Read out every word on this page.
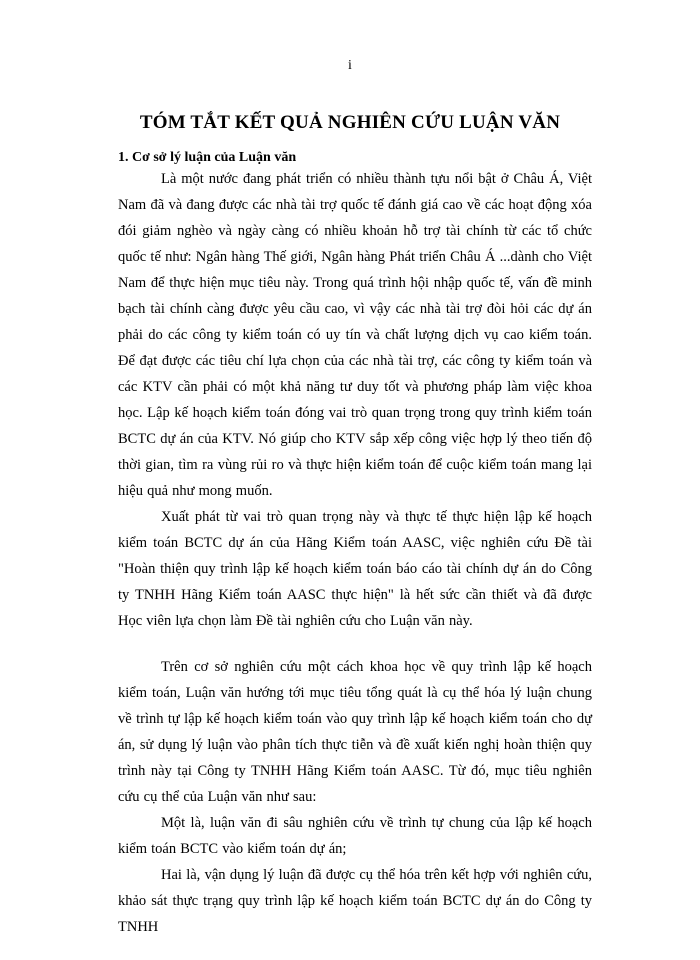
i
TÓM TẮT KẾT QUẢ NGHIÊN CỨU LUẬN VĂN
1. Cơ sở lý luận của Luận văn

Là một nước đang phát triển có nhiều thành tựu nổi bật ở Châu Á, Việt Nam đã và đang được các nhà tài trợ quốc tế đánh giá cao về các hoạt động xóa đói giảm nghèo và ngày càng có nhiều khoản hỗ trợ tài chính từ các tổ chức quốc tế như: Ngân hàng Thế giới, Ngân hàng Phát triển Châu Á ...dành cho Việt Nam để thực hiện mục tiêu này. Trong quá trình hội nhập quốc tế, vấn đề minh bạch tài chính càng được yêu cầu cao, vì vậy các nhà tài trợ đòi hỏi các dự án phải do các công ty kiểm toán có uy tín và chất lượng dịch vụ cao kiểm toán. Để đạt được các tiêu chí lựa chọn của các nhà tài trợ, các công ty kiểm toán và các KTV cần phải có một khả năng tư duy tốt và phương pháp làm việc khoa học. Lập kế hoạch kiểm toán đóng vai trò quan trọng trong quy trình kiểm toán BCTC dự án của KTV. Nó giúp cho KTV sắp xếp công việc hợp lý theo tiến độ thời gian, tìm ra vùng rủi ro và thực hiện kiểm toán để cuộc kiểm toán mang lại hiệu quả như mong muốn.

Xuất phát từ vai trò quan trọng này và thực tế thực hiện lập kế hoạch kiểm toán BCTC dự án của Hãng Kiểm toán AASC, việc nghiên cứu Đề tài "Hoàn thiện quy trình lập kế hoạch kiểm toán báo cáo tài chính dự án do Công ty TNHH Hãng Kiểm toán AASC thực hiện" là hết sức cần thiết và đã được Học viên lựa chọn làm Đề tài nghiên cứu cho Luận văn này.

Trên cơ sở nghiên cứu một cách khoa học về quy trình lập kế hoạch kiểm toán, Luận văn hướng tới mục tiêu tổng quát là cụ thể hóa lý luận chung về trình tự lập kế hoạch kiểm toán vào quy trình lập kế hoạch kiểm toán cho dự án, sử dụng lý luận vào phân tích thực tiễn và đề xuất kiến nghị hoàn thiện quy trình này tại Công ty TNHH Hãng Kiểm toán AASC. Từ đó, mục tiêu nghiên cứu cụ thể của Luận văn như sau:

Một là, luận văn đi sâu nghiên cứu về trình tự chung của lập kế hoạch kiểm toán BCTC vào kiểm toán dự án;

Hai là, vận dụng lý luận đã được cụ thể hóa trên kết hợp với nghiên cứu, khảo sát thực trạng quy trình lập kế hoạch kiểm toán BCTC dự án do Công ty TNHH
